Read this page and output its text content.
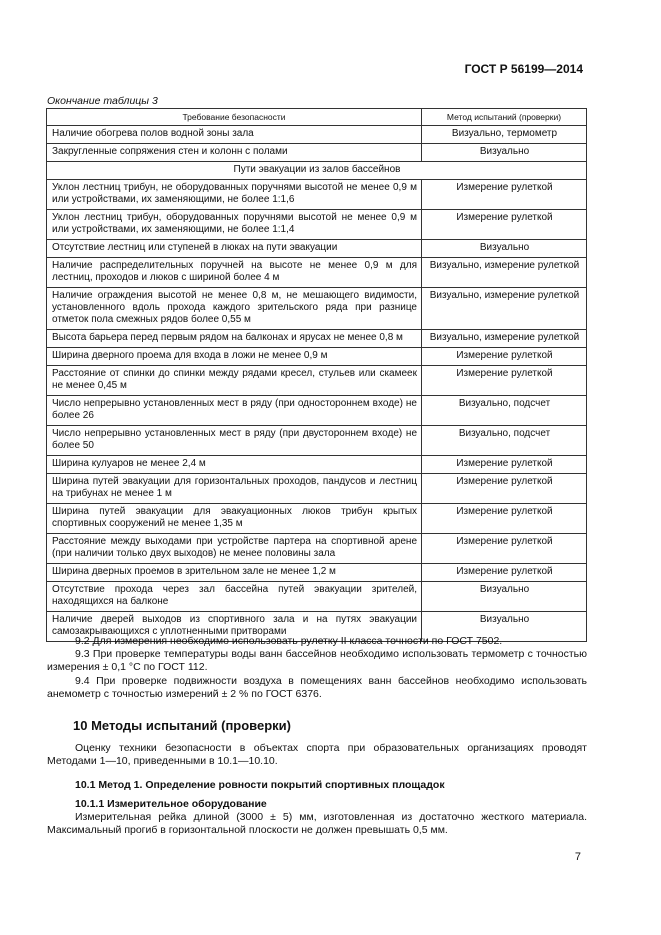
ГОСТ Р 56199—2014
Окончание таблицы 3
Требование безопасности	Метод испытаний (проверки)
Наличие обогрева полов водной зоны зала	Визуально, термометр
Закругленные сопряжения стен и колонн с полами	Визуально
Пути эвакуации из залов бассейнов	
Уклон лестниц трибун, не оборудованных поручнями высотой не менее 0,9 м или устройствами, их заменяющими, не более 1:1,6	Измерение рулеткой
Уклон лестниц трибун, оборудованных поручнями высотой не менее 0,9 м или устройствами, их заменяющими, не более 1:1,4	Измерение рулеткой
Отсутствие лестниц или ступеней в люках на пути эвакуации	Визуально
Наличие распределительных поручней на высоте не менее 0,9 м для лестниц, проходов и люков с шириной более 4 м	Визуально, измерение рулеткой
Наличие ограждения высотой не менее 0,8 м, не мешающего видимости, установленного вдоль прохода каждого зрительского ряда при разнице отметок пола смежных рядов более 0,55 м	Визуально, измерение рулеткой
Высота барьера перед первым рядом на балконах и ярусах не менее 0,8 м	Визуально, измерение рулеткой
Ширина дверного проема для входа в ложи не менее 0,9 м	Измерение рулеткой
Расстояние от спинки до спинки между рядами кресел, стульев или скамеек не менее 0,45 м	Измерение рулеткой
Число непрерывно установленных мест в ряду (при одностороннем входе) не более 26	Визуально, подсчет
Число непрерывно установленных мест в ряду (при двустороннем входе) не более 50	Визуально, подсчет
Ширина кулуаров не менее 2,4 м	Измерение рулеткой
Ширина путей эвакуации для горизонтальных проходов, пандусов и лестниц на трибунах не менее 1 м	Измерение рулеткой
Ширина путей эвакуации для эвакуационных люков трибун крытых спортивных сооружений не менее 1,35 м	Измерение рулеткой
Расстояние между выходами при устройстве партера на спортивной арене (при наличии только двух выходов) не менее половины зала	Измерение рулеткой
Ширина дверных проемов в зрительном зале не менее 1,2 м	Измерение рулеткой
Отсутствие прохода через зал бассейна путей эвакуации зрителей, находящихся на балконе	Визуально
Наличие дверей выходов из спортивного зала и на путях эвакуации самозакрывающихся с уплотненными притворами	Визуально
9.2 Для измерения необходимо использовать рулетку II класса точности по ГОСТ 7502.
9.3 При проверке температуры воды ванн бассейнов необходимо использовать термометр с точностью измерения ± 0,1 °С по ГОСТ 112.
9.4 При проверке подвижности воздуха в помещениях ванн бассейнов необходимо использовать анемометр с точностью измерений ± 2 % по ГОСТ 6376.
10 Методы испытаний (проверки)
Оценку техники безопасности в объектах спорта при образовательных организациях проводят Методами 1—10, приведенными в 10.1—10.10.
10.1 Метод 1. Определение ровности покрытий спортивных площадок
10.1.1 Измерительное оборудование
Измерительная рейка длиной (3000 ± 5) мм, изготовленная из достаточно жесткого материала. Максимальный прогиб в горизонтальной плоскости не должен превышать 0,5 мм.
7
